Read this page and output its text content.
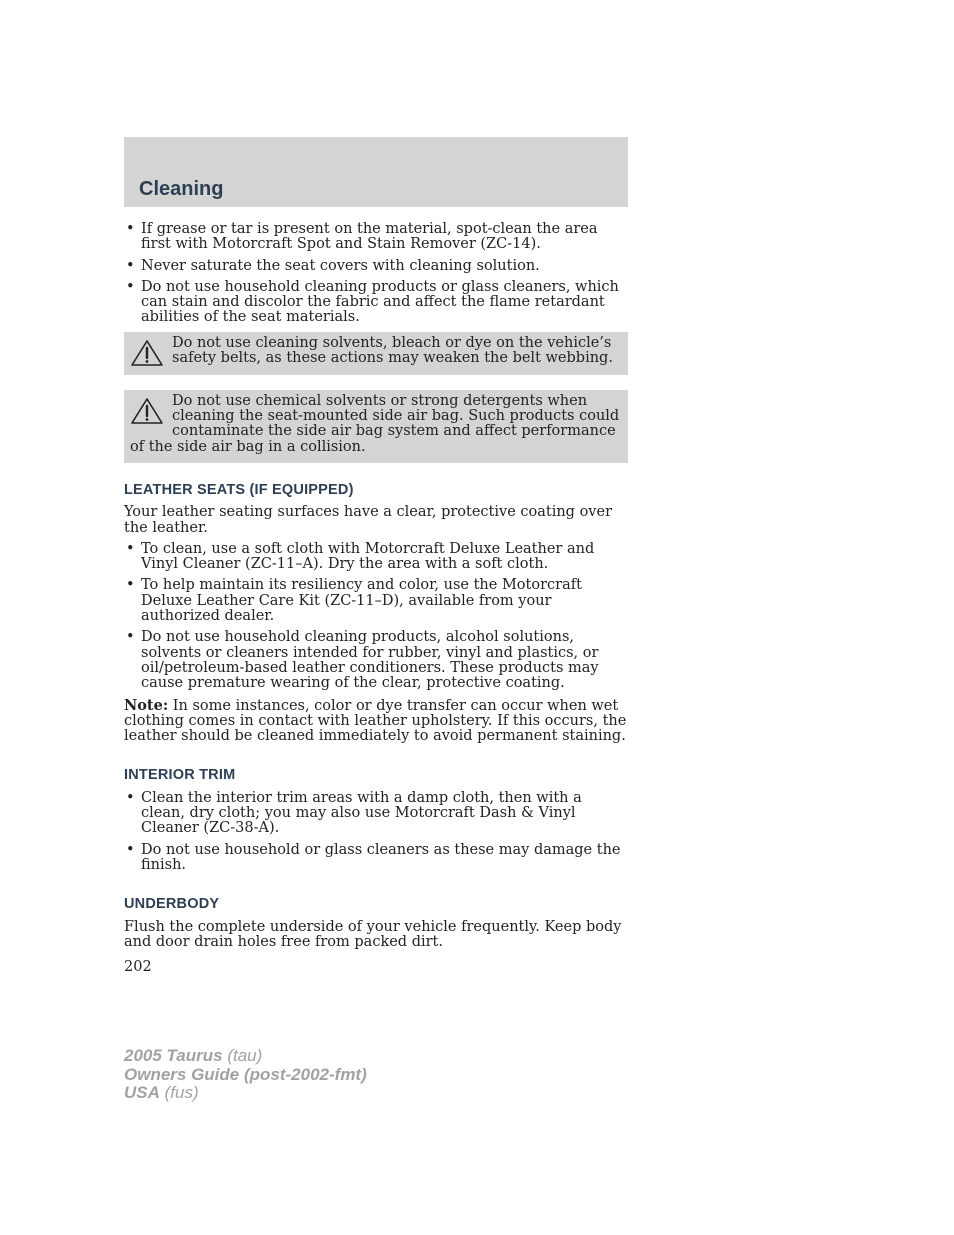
Cleaning
• If grease or tar is present on the material, spot-clean the area first with Motorcraft Spot and Stain Remover (ZC-14).
• Never saturate the seat covers with cleaning solution.
• Do not use household cleaning products or glass cleaners, which can stain and discolor the fabric and affect the flame retardant abilities of the seat materials.
Do not use cleaning solvents, bleach or dye on the vehicle’s safety belts, as these actions may weaken the belt webbing.
Do not use chemical solvents or strong detergents when cleaning the seat-mounted side air bag. Such products could contaminate the side air bag system and affect performance of the side air bag in a collision.
LEATHER SEATS (IF EQUIPPED)

Your leather seating surfaces have a clear, protective coating over the leather.

• To clean, use a soft cloth with Motorcraft Deluxe Leather and Vinyl Cleaner (ZC-11–A). Dry the area with a soft cloth.
• To help maintain its resiliency and color, use the Motorcraft Deluxe Leather Care Kit (ZC-11–D), available from your authorized dealer.
• Do not use household cleaning products, alcohol solutions, solvents or cleaners intended for rubber, vinyl and plastics, or oil/petroleum-based leather conditioners. These products may cause premature wearing of the clear, protective coating.

Note: In some instances, color or dye transfer can occur when wet clothing comes in contact with leather upholstery. If this occurs, the leather should be cleaned immediately to avoid permanent staining.

INTERIOR TRIM
• Clean the interior trim areas with a damp cloth, then with a clean, dry cloth; you may also use Motorcraft Dash & Vinyl Cleaner (ZC-38-A).
• Do not use household or glass cleaners as these may damage the finish.
UNDERBODY

Flush the complete underside of your vehicle frequently. Keep body and door drain holes free from packed dirt.

202

2005 Taurus (tau)
Owners Guide (post-2002-fmt)
USA (fus)
